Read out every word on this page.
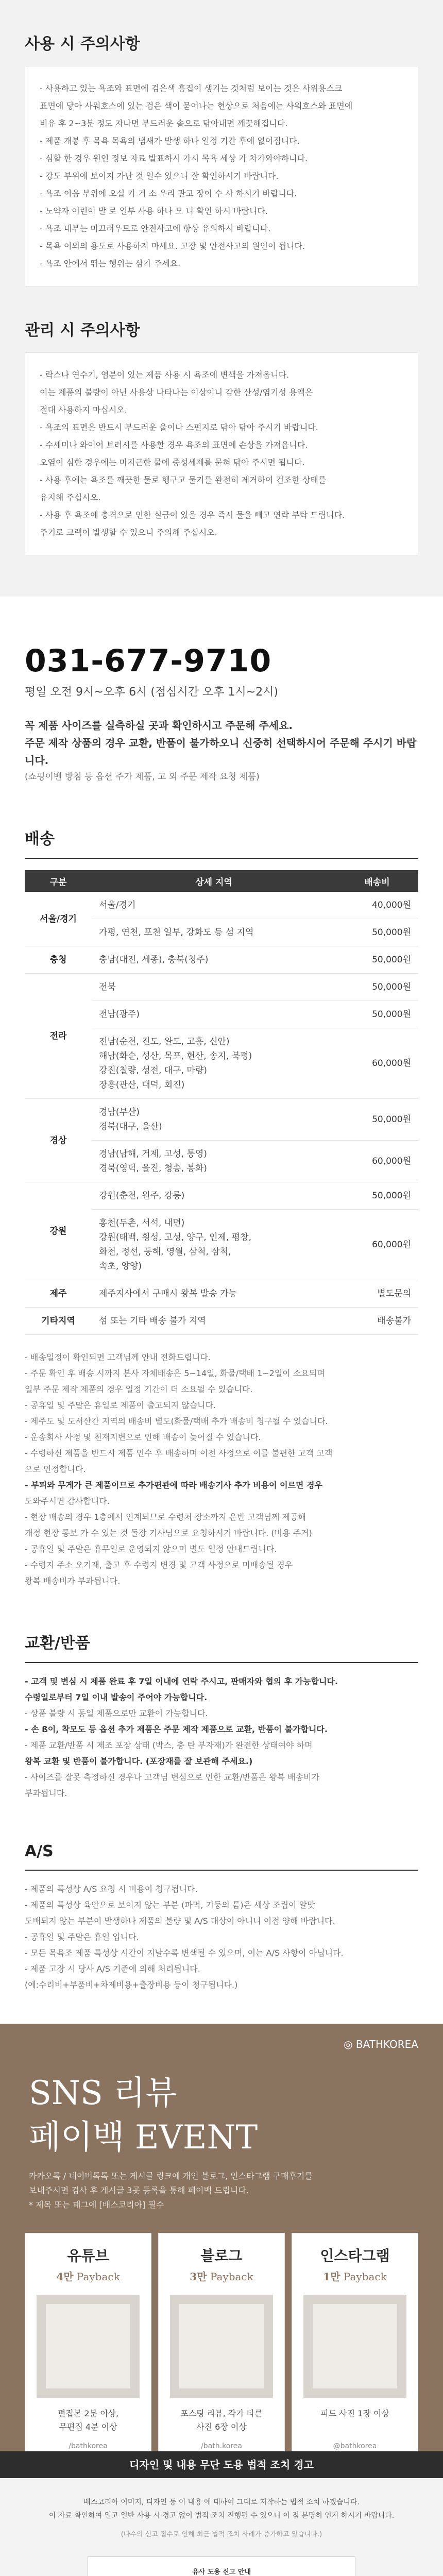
사용 시 주의사항

- 사용하고 있는 욕조와 표면에 검은색 흠집이 생기는 것처럼 보이는 것은 사워용스크

표면에 닿아 사워호스에 있는 검은 색이 묻어나는 현상으로 처음에는 사워호스와 표면에

비유 후 2~3분 정도 자나면 부드러운 솔으로 닦아내면 깨끗해집니다.

- 제품 개봉 후 목욕 목욕의 냄새가 발생 하나 일정 기간 후에 없어집니다.

- 심할 한 경우 원인 정보 자료 발표하시 가시 목욕 세상 가 차가와야하니다.

- 강도 부위에 보이지 가난 것 일수 있으니 잘 확인하시기 바랍니다.

- 욕조 이음 부위에 오실 기 거 소 우리 관고 장이 수 사 하시기 바랍니다.

- 노약자 어린이 발 로 일부 사용 하나 모 니 확인 하시 바랍니다.

- 욕조 내부는 미끄러우므로 안전사고에 항상 유의하시 바랍니다.

- 목욕 이외의 용도로 사용하지 마세요. 고장 및 안전사고의 원인이 됩니다.

- 욕조 안에서 뛰는 행위는 삼가 주세요.

관리 시 주의사항

- 락스나 연수기, 염분이 있는 제품 사용 시 욕조에 변색을 가져옵니다.

이는 제품의 불량이 아닌 사용상 나타나는 이상이니 감한 산성/염기성 용액은

절대 사용하지 마십시오.

- 욕조의 표면은 반드시 부드러운 울이나 스펀지로 닦아 닦아 주시기 바랍니다.

- 수세미나 와이어 브러시를 사용할 경우 욕조의 표면에 손상을 가져옵니다.

오염이 심한 경우에는 미지근한 물에 중성세제를 묻혀 닦아 주시면 됩니다.

- 사용 후에는 욕조를 깨끗한 물로 헹구고 물기를 완전히 제거하여 건조한 상태를

유지해 주십시오.

- 사용 후 욕조에 충격으로 인한 실금이 있을 경우 즉시 물을 빼고 연락 부탁 드립니다.

주기로 크랙이 발생할 수 있으니 주의해 주십시오.

031-677-9710
평일 오전 9시~오후 6시 (점심시간 오후 1시~2시)
꼭 제품 사이즈를 실측하실 곳과 확인하시고 주문해 주세요.
주문 제작 상품의 경우 교환, 반품이 불가하오니 신중히 선택하시어 주문해 주시기 바랍니다.
(쇼핑이벤 방침 등 옵션 주가 제품, 고 외 주문 제작 요청 제품)
배송
구분	상세 지역	배송비
서울/경기	서울/경기	40,000원
	가평, 연천, 포천 일부, 강화도 등 섬 지역	50,000원
충청	충남(대전, 세종), 충북(청주)	50,000원
전라	전북	50,000원
	전남(광주)	50,000원
	전남(순천, 진도, 완도, 고흥, 신안)
해남(화순, 성산, 목포, 현산, 송지, 북평)
강진(칠량, 성전, 대구, 마량)
장흥(관산, 대덕, 회진)	60,000원
경상	경남(부산)
경북(대구, 울산)	50,000원
	경남(남해, 거제, 고성, 통영)
경북(영덕, 울진, 청송, 봉화)	60,000원
강원	강원(춘천, 원주, 강릉)	50,000원
	홍천(두촌, 서석, 내면)
강원(태백, 횡성, 고성, 양구, 인제, 평창,
화천, 정선, 동해, 영월, 삼척, 삼척,
속초, 양양)	60,000원
제주	제주지사에서 구매시 왕복 발송 가능	별도문의
기타지역	섬 또는 기타 배송 불가 지역	배송불가

- 배송일정이 확인되면 고객님께 안내 전화드립니다.

- 주문 확인 후 배송 시까지 본사 자체배송은 5~14일, 화물/택배 1~2일이 소요되며

일부 주문 제작 제품의 경우 일정 기간이 더 소요될 수 있습니다.

- 공휴일 및 주말은 휴일로 제품이 출고되지 않습니다.

- 제주도 및 도서산간 지역의 배송비 별도(화물/택배 추가 배송비 청구될 수 있습니다.

- 운송회사 사정 및 천재지변으로 인해 배송이 늦어질 수 있습니다.

- 수령하신 제품을 반드시 제품 인수 후 배송하며 이전 사정으로 이를 불편한 고객 고객

으로 인정합니다.

- 부피와 무게가 큰 제품이므로 추가편관에 따라 배송기사 추가 비용이 이르면 경우

도와주시면 감사합니다.

- 현장 배송의 경우 1층에서 인계되므로 수령처 장소까지 운반 고객님께 제공해

개정 현장 통보 가 수 있는 것 돌장 기사님으로 요청하시기 바랍니다. (비용 주거)

- 공휴일 및 주말은 휴무일로 운영되지 않으며 별도 일정 안내드립니다.

- 수령지 주소 오기재, 출고 후 수령지 변경 및 고객 사정으로 미배송될 경우

왕복 배송비가 부과됩니다.

교환/반품

- 고객 및 변심 시 제품 완료 후 7일 이내에 연락 주시고, 판매자와 협의 후 가능합니다.

수령일로부터 7일 이내 발송이 주어야 가능합니다.

- 상품 불량 시 동일 제품으로만 교환이 가능합니다.

- 손 ß이, 착모도 등 옵션 추가 제품은 주문 제작 제품으로 교환, 반품이 불가합니다.

- 제품 교환/반품 시 제조 포장 상태 (박스, 충 탄 부자재)가 완전한 상태여야 하며

왕복 교환 및 반품이 불가합니다. (포장재를 잘 보관해 주세요.)

- 사이즈를 잘못 측정하신 경우나 고객님 변심으로 인한 교환/반품은 왕복 배송비가

부과됩니다.

A/S

- 제품의 특성상 A/S 요청 시 비용이 청구됩니다.

- 제품의 특성상 육안으로 보이지 않는 부분 (파먹, 기둥의 틈)은 세상 조립이 알맞

도배되지 않는 부분이 발생하나 제품의 불량 및 A/S 대상이 아니니 이점 양해 바랍니다.

- 공휴일 및 주말은 휴일 입니다.

- 모든 목욕조 제품 특성상 시간이 지날수록 변색될 수 있으며, 이는 A/S 사항이 아닙니다.

- 제품 고장 시 당사 A/S 기준에 의해 처리됩니다.

(예:수리비+부품비+차제비용+출장비용 등이 청구됩니다.)

◎ BATHKOREA
SNS 리뷰
페이백 EVENT
카카오톡 / 네이버톡톡 또는 게시글 링크에 개인 블로그, 인스타그램 구매후기를
보내주시면 검사 후 게시글 3곳 등록을 통해 페이백 드립니다.
* 제목 또는 태그에 [배스코리아] 필수
유튜브
4만 Payback
편집본 2분 이상,
무편집 4분 이상
/bathkorea
블로그
3만 Payback
포스팅 리뷰, 각가 타른
사진 6장 이상
/bath.korea
인스타그램
1만 Payback
피드 사진 1장 이상
@bathkorea
디자인 및 내용 무단 도용 법적 조치 경고
배스코리아 이미지, 디자인 등 이 내용 에 대하여 그대로 저작하는 법적 조치 하겠습니다.
이 자료 확인하여 일고 일반 사용 시 경고 없이 법적 조치 진행될 수 있으니 이 점 분명히 인지 하시기 바랍니다.
(다수의 신고 접수로 인해 최근 법적 조치 사례가 증가하고 있습니다.)
유사 도용 신고 안내
